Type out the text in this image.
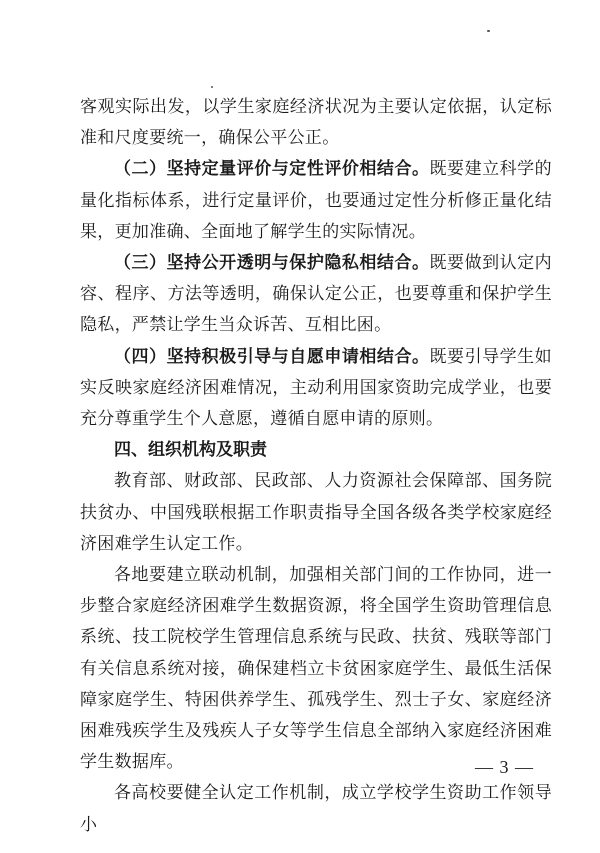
客观实际出发，以学生家庭经济状况为主要认定依据，认定标准和尺度要统一，确保公平公正。

（二）坚持定量评价与定性评价相结合。既要建立科学的量化指标体系，进行定量评价，也要通过定性分析修正量化结果，更加准确、全面地了解学生的实际情况。

（三）坚持公开透明与保护隐私相结合。既要做到认定内容、程序、方法等透明，确保认定公正，也要尊重和保护学生隐私，严禁让学生当众诉苦、互相比困。

（四）坚持积极引导与自愿申请相结合。既要引导学生如实反映家庭经济困难情况，主动利用国家资助完成学业，也要充分尊重学生个人意愿，遵循自愿申请的原则。

四、组织机构及职责

教育部、财政部、民政部、人力资源社会保障部、国务院扶贫办、中国残联根据工作职责指导全国各级各类学校家庭经济困难学生认定工作。

各地要建立联动机制，加强相关部门间的工作协同，进一步整合家庭经济困难学生数据资源，将全国学生资助管理信息系统、技工院校学生管理信息系统与民政、扶贫、残联等部门有关信息系统对接，确保建档立卡贫困家庭学生、最低生活保障家庭学生、特困供养学生、孤残学生、烈士子女、家庭经济困难残疾学生及残疾人子女等学生信息全部纳入家庭经济困难学生数据库。

各高校要健全认定工作机制，成立学校学生资助工作领导小

— 3 —
